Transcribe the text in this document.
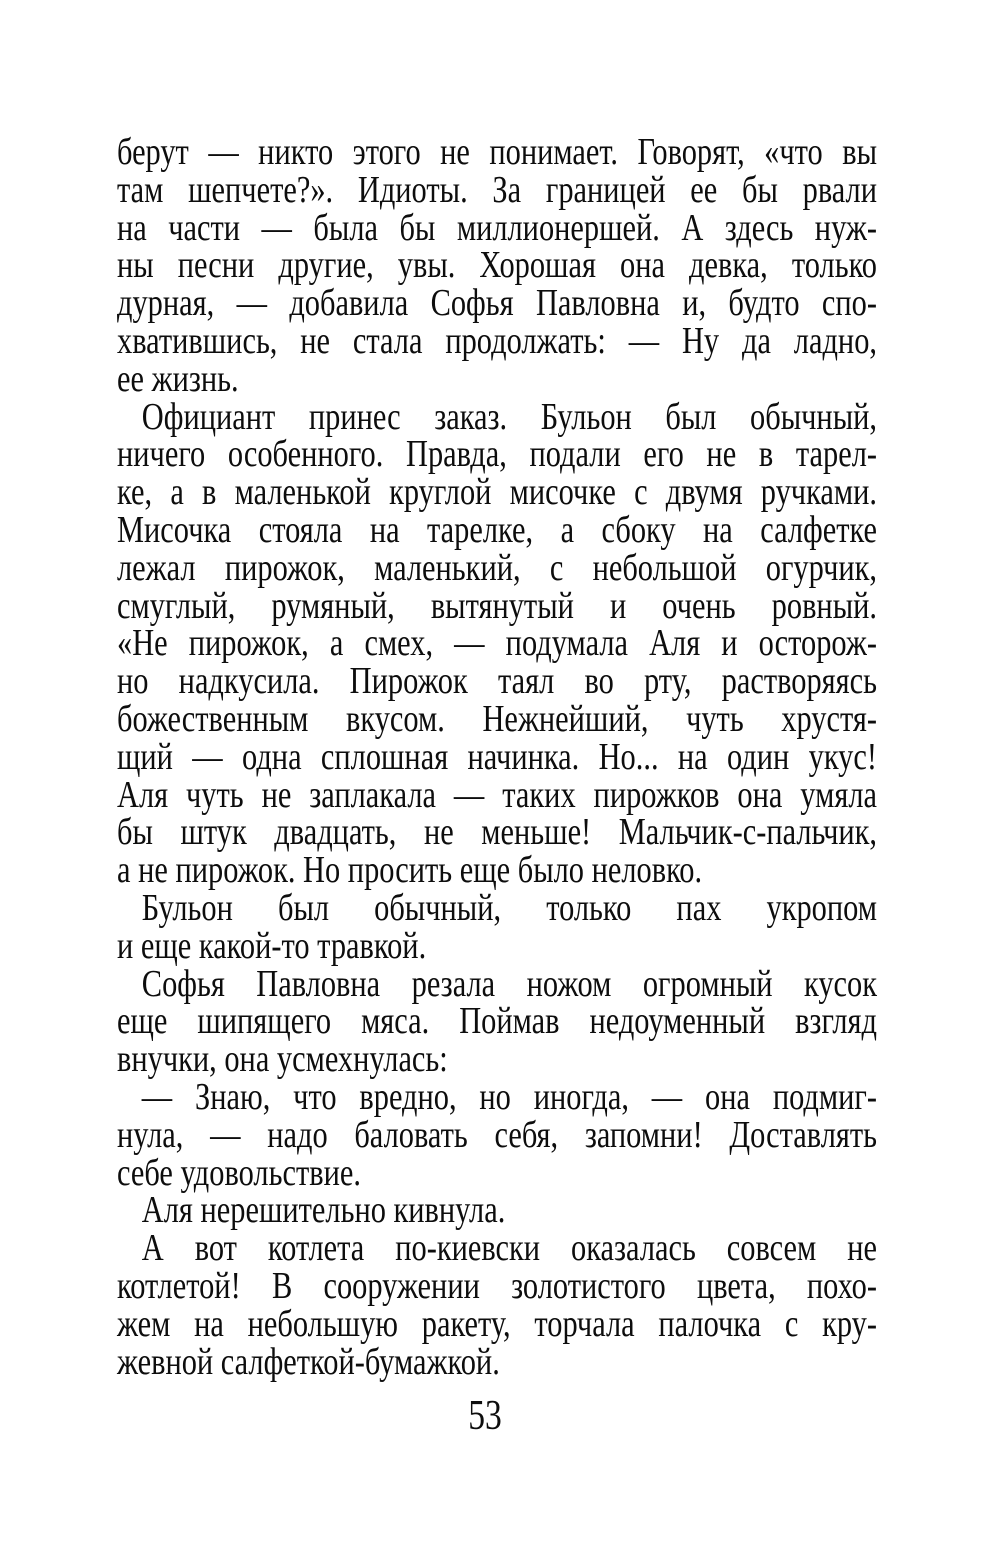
берут — никто этого не понимает. Говорят, «что вы
там шепчете?». Идиоты. За границей ее бы рвали
на части — была бы миллионершей. А здесь нуж-
ны песни другие, увы. Хорошая она девка, только
дурная, — добавила Софья Павловна и, будто спо-
хватившись, не стала продолжать: — Ну да ладно,
ее жизнь.
Официант принес заказ. Бульон был обычный,
ничего особенного. Правда, подали его не в тарел-
ке, а в маленькой круглой мисочке с двумя ручками.
Мисочка стояла на тарелке, а сбоку на салфетке
лежал пирожок, маленький, с небольшой огурчик,
смуглый, румяный, вытянутый и очень ровный.
«Не пирожок, а смех, — подумала Аля и осторож-
но надкусила. Пирожок таял во рту, растворяясь
божественным вкусом. Нежнейший, чуть хрустя-
щий — одна сплошная начинка. Но... на один укус!
Аля чуть не заплакала — таких пирожков она умяла
бы штук двадцать, не меньше! Мальчик-с-пальчик,
а не пирожок. Но просить еще было неловко.
Бульон был обычный, только пах укропом
и еще какой-то травкой.
Софья Павловна резала ножом огромный кусок
еще шипящего мяса. Поймав недоуменный взгляд
внучки, она усмехнулась:
— Знаю, что вредно, но иногда, — она подмиг-
нула, — надо баловать себя, запомни! Доставлять
себе удовольствие.
Аля нерешительно кивнула.
А вот котлета по-киевски оказалась совсем не
котлетой! В сооружении золотистого цвета, похо-
жем на небольшую ракету, торчала палочка с кру-
жевной салфеткой-бумажкой.
53
